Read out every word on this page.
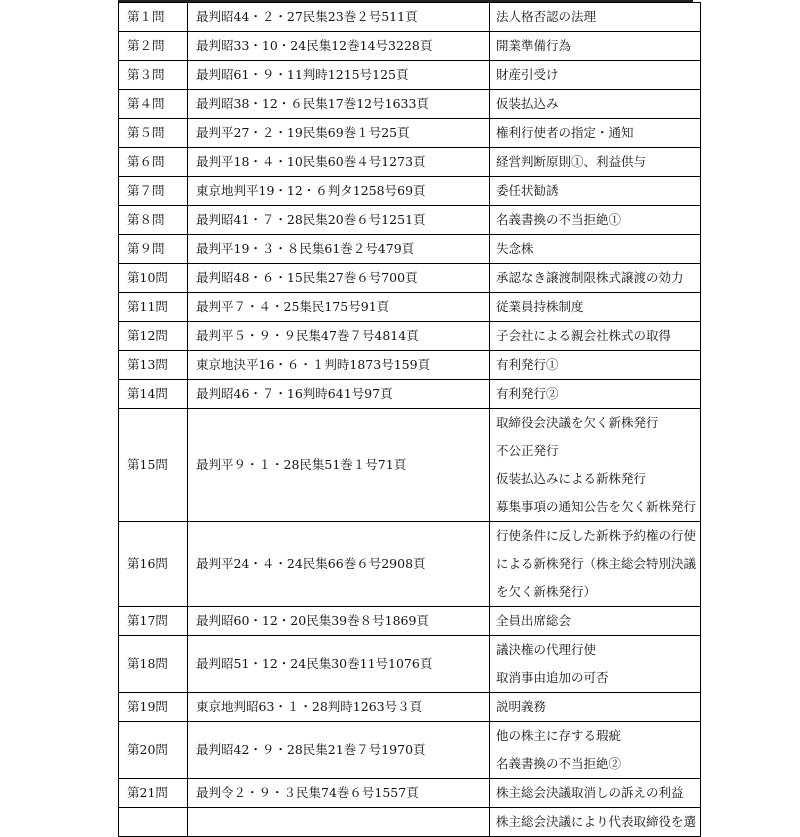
第１問	最判昭44・２・27民集23巻２号511頁	法人格否認の法理

第２問	最判昭33・10・24民集12巻14号3228頁	開業準備行為

第３問	最判昭61・９・11判時1215号125頁	財産引受け

第４問	最判昭38・12・６民集17巻12号1633頁	仮装払込み

第５問	最判平27・２・19民集69巻１号25頁	権利行使者の指定・通知

第６問	最判平18・４・10民集60巻４号1273頁	経営判断原則①、利益供与

第７問	東京地判平19・12・６判タ1258号69頁	委任状勧誘

第８問	最判昭41・７・28民集20巻６号1251頁	名義書換の不当拒絶①

第９問	最判平19・３・８民集61巻２号479頁	失念株

第10問	最判昭48・６・15民集27巻６号700頁	承認なき譲渡制限株式譲渡の効力

第11問	最判平７・４・25集民175号91頁	従業員持株制度

第12問	最判平５・９・９民集47巻７号4814頁	子会社による親会社株式の取得

第13問	東京地決平16・６・１判時1873号159頁	有利発行①

第14問	最判昭46・７・16判時641号97頁	有利発行②

第15問	最判平９・１・28民集51巻１号71頁	取締役会決議を欠く新株発行
不公正発行
仮装払込みによる新株発行
募集事項の通知公告を欠く新株発行

第16問	最判平24・４・24民集66巻６号2908頁	行使条件に反した新株予約権の行使
による新株発行（株主総会特別決議
を欠く新株発行）

第17問	最判昭60・12・20民集39巻８号1869頁	全員出席総会

第18問	最判昭51・12・24民集30巻11号1076頁	議決権の代理行使
取消事由追加の可否

第19問	東京地判昭63・１・28判時1263号３頁	説明義務

第20問	最判昭42・９・28民集21巻７号1970頁	他の株主に存する瑕疵
名義書換の不当拒絶②

第21問	最判令２・９・３民集74巻６号1557頁	株主総会決議取消しの訴えの利益

		株主総会決議により代表取締役を選
